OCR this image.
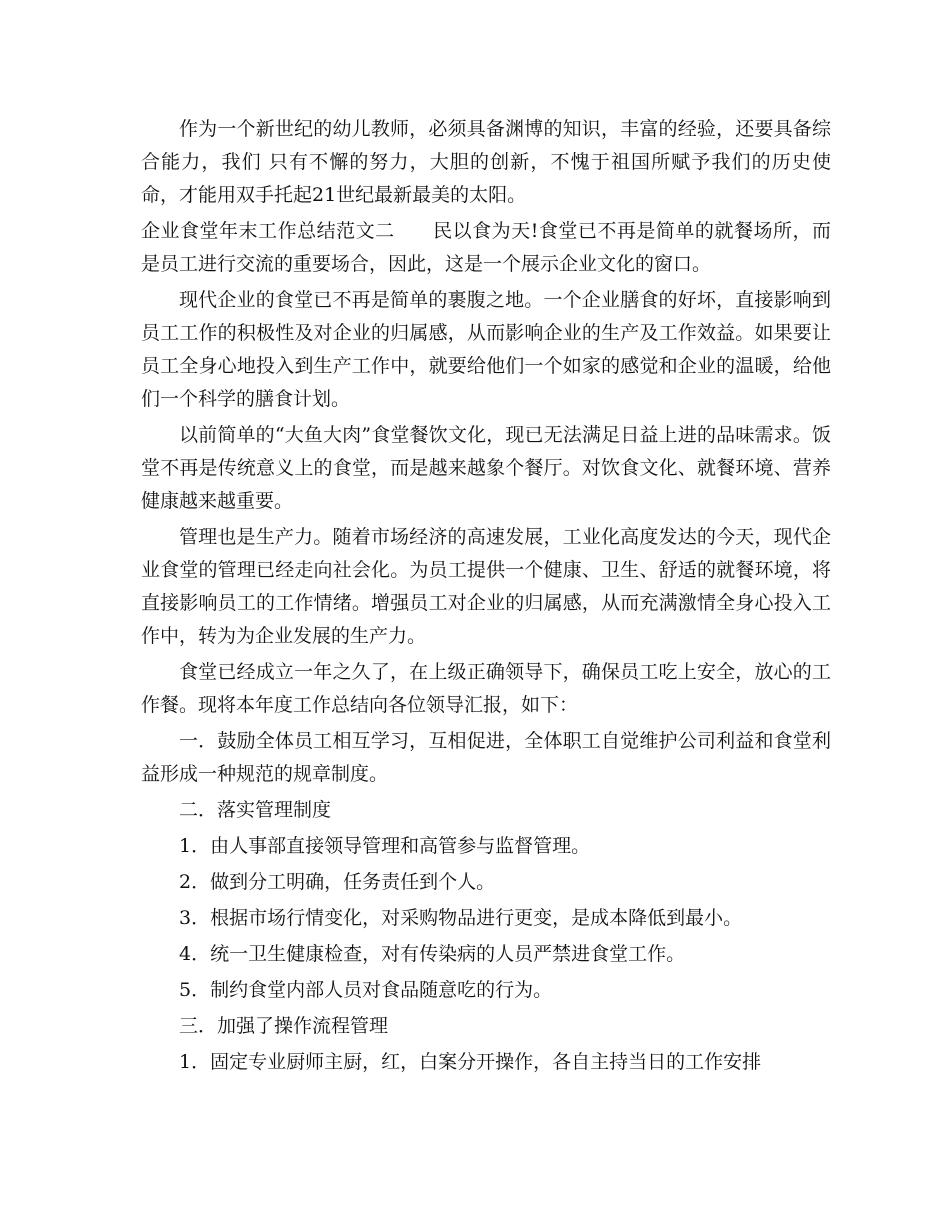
作为一个新世纪的幼儿教师，必须具备渊博的知识，丰富的经验，还要具备综合能力，我们 只有不懈的努力，大胆的创新，不愧于祖国所赋予我们的历史使命，才能用双手托起21世纪最新最美的太阳。

企业食堂年末工作总结范文二 民以食为天!食堂已不再是简单的就餐场所，而是员工进行交流的重要场合，因此，这是一个展示企业文化的窗口。

现代企业的食堂已不再是简单的裹腹之地。一个企业膳食的好坏，直接影响到员工工作的积极性及对企业的归属感，从而影响企业的生产及工作效益。如果要让员工全身心地投入到生产工作中，就要给他们一个如家的感觉和企业的温暖，给他们一个科学的膳食计划。

以前简单的“大鱼大肉”食堂餐饮文化，现已无法满足日益上进的品味需求。饭堂不再是传统意义上的食堂，而是越来越象个餐厅。对饮食文化、就餐环境、营养健康越来越重要。

管理也是生产力。随着市场经济的高速发展，工业化高度发达的今天，现代企业食堂的管理已经走向社会化。为员工提供一个健康、卫生、舒适的就餐环境，将直接影响员工的工作情绪。增强员工对企业的归属感，从而充满激情全身心投入工作中，转为为企业发展的生产力。

食堂已经成立一年之久了，在上级正确领导下，确保员工吃上安全，放心的工作餐。现将本年度工作总结向各位领导汇报，如下：

一．鼓励全体员工相互学习，互相促进，全体职工自觉维护公司利益和食堂利益形成一种规范的规章制度。

二．落实管理制度

1．由人事部直接领导管理和高管参与监督管理。

2．做到分工明确，任务责任到个人。

3．根据市场行情变化，对采购物品进行更变，是成本降低到最小。

4．统一卫生健康检查，对有传染病的人员严禁进食堂工作。

5．制约食堂内部人员对食品随意吃的行为。

三．加强了操作流程管理

1．固定专业厨师主厨，红，白案分开操作，各自主持当日的工作安排
